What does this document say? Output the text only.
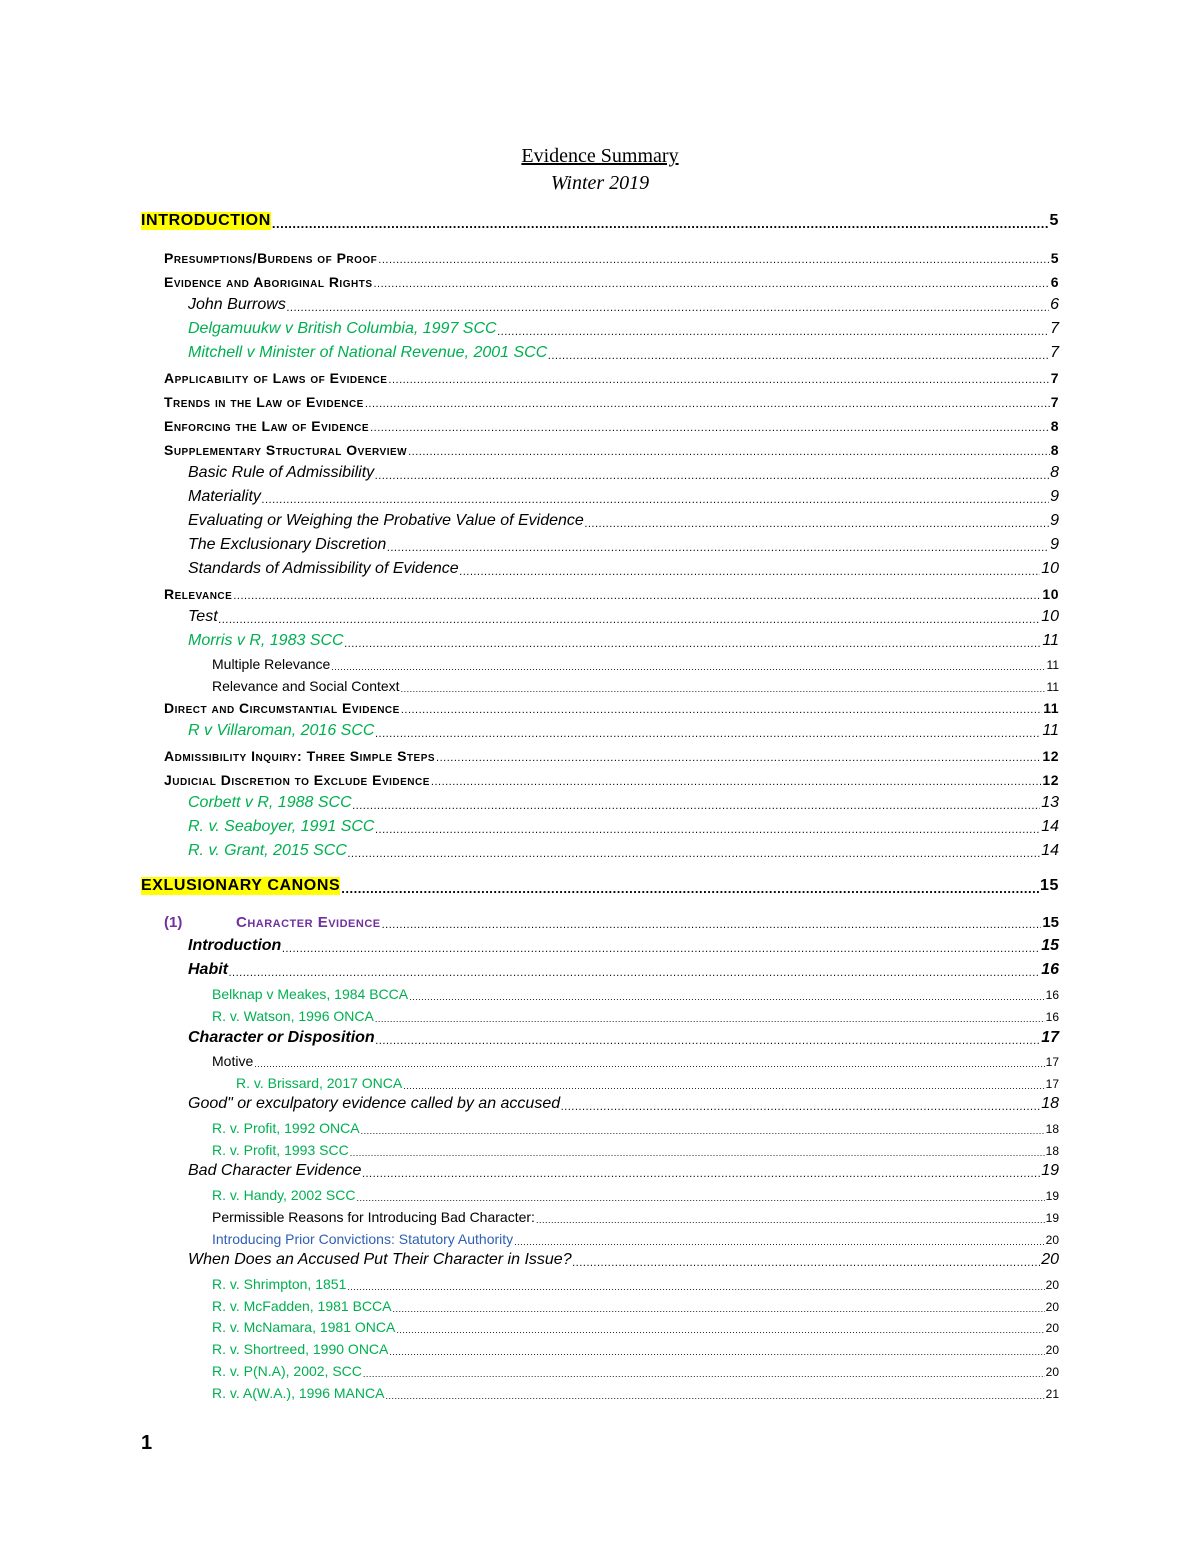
Evidence Summary
Winter 2019
INTRODUCTION .....	5
Presumptions/Burdens of Proof .....	5
Evidence and Aboriginal Rights .....	6
John Burrows .....	6
Delgamuukw v British Columbia, 1997 SCC .....	7
Mitchell v Minister of National Revenue, 2001 SCC .....	7
Applicability of Laws of Evidence .....	7
Trends in the Law of Evidence .....	7
Enforcing the Law of Evidence .....	8
Supplementary Structural Overview .....	8
Basic Rule of Admissibility .....	8
Materiality .....	9
Evaluating or Weighing the Probative Value of Evidence .....	9
The Exclusionary Discretion .....	9
Standards of Admissibility of Evidence .....	10
Relevance .....	10
Test .....	10
Morris v R, 1983 SCC .....	11
Multiple Relevance .....	11
Relevance and Social Context .....	11
Direct and Circumstantial Evidence .....	11
R v Villaroman, 2016 SCC .....	11
Admissibility Inquiry: Three Simple Steps .....	12
Judicial Discretion to Exclude Evidence .....	12
Corbett v R, 1988 SCC .....	13
R. v. Seaboyer, 1991 SCC .....	14
R. v. Grant, 2015 SCC .....	14
EXLUSIONARY CANONS .....	15
(1)	Character Evidence .....	15
Introduction .....	15
Habit .....	16
Belknap v Meakes, 1984 BCCA .....	16
R. v. Watson, 1996 ONCA .....	16
Character or Disposition .....	17
Motive .....	17
R. v. Brissard, 2017 ONCA .....	17
Good" or exculpatory evidence called by an accused .....	18
R. v. Profit, 1992 ONCA .....	18
R. v. Profit, 1993 SCC .....	18
Bad Character Evidence .....	19
R. v. Handy, 2002 SCC .....	19
Permissible Reasons for Introducing Bad Character: .....	19
Introducing Prior Convictions: Statutory Authority .....	20
When Does an Accused Put Their Character in Issue? .....	20
R. v. Shrimpton, 1851 .....	20
R. v. McFadden, 1981 BCCA .....	20
R. v. McNamara, 1981 ONCA .....	20
R. v. Shortreed, 1990 ONCA .....	20
R. v. P(N.A), 2002, SCC .....	20
R. v. A(W.A.), 1996 MANCA .....	21
1
